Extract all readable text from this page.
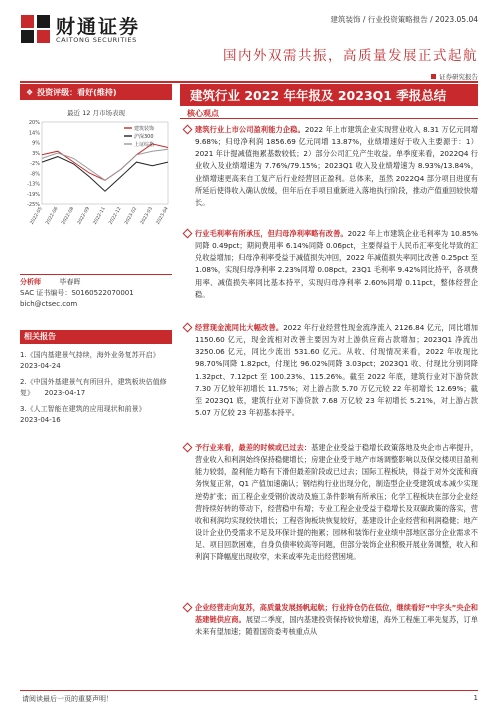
财通证券
CAITONG SECURITIES
建筑装饰 / 行业投资策略报告 / 2023.05.04
国内外双需共振，高质量发展正式起航
证券研究报告
❖ 投资评级：看好(维持)
最近 12 月市场表现
20%
14%
9%
3%
-2%
-8%
-13%
-19%
-25%
2022-05 2022-06 2022-08 2022-09 2022-11 2022-12 2023-02 2023-03 2023-04
建筑装饰
沪深300
上证综指
分析师	毕春晖
SAC 证书编号：S0160522070001
bich@ctsec.com
相关报告
1.《国内基建景气持续，海外业务复苏开启》  2023-04-24
2.《中国外基建景气有所回升，建筑板块估值修复》 2023-04-17
3.《人工智能在建筑的应用现状和前景》  2023-04-16
建筑行业 2022 年年报及 2023Q1 季报总结
核心观点
建筑行业上市公司盈利能力企稳。2022 年上市建筑企业实现营业收入 8.31 万亿元同增 9.68%；归母净利润 1856.69 亿元同增 13.87%，业绩增速好于收入主要源于：1）2021 年计提减值拖累基数较低；2）部分公司汇兑产生收益。单季度来看，2022Q4 行业收入及业绩增速为 7.76%/79.15%；2023Q1 收入及业绩增速为 8.93%/13.84%，业绩增速更高来自工复产后行业经营回正盈利。总体来，虽然 2022Q4 部分项目进度有所延后使得收入确认放缓，但年后在手项目重新进入落地执行阶段，推动产值重回较快增长。
行业毛利率有所承压，但归母净利率略有改善。2022 年上市建筑企业毛利率为 10.85%同降 0.49pct；期间费用率 6.14%同降 0.06pct，主要得益于人民币汇率变化导致的汇兑收益增加；归母净利率受益于减值损失冲回，2022 年减值损失率同比改善 0.25pct 至 1.08%，实现归母净利率 2.23%同增 0.08pct。23Q1 毛利率 9.42%同比持平，各项费用率、减值损失率同比基本持平，实现归母净利率 2.60%同增 0.11pct，整体经营企稳。
经营现金流同比大幅改善。2022 年行业经营性现金流净流入 2126.84 亿元，同比增加 1150.60 亿元，现金流相对改善主要因为对上游供应商占款增加；2023Q1 净流出 3250.06 亿元，同比少流出 531.60 亿元。从收、付现情况来看，2022 年收现比 98.70%同降 1.82pct，付现比 96.02%同降 3.03pct；2023Q1 收、付现比分别同降 1.32pct、7.12pct 至 100.23%、115.26%。截至 2022 年底，建筑行业对下游贷款 7.30 万亿较年初增长 11.75%；对上游占款 5.70 万亿元较 22 年初增长 12.69%；截至 2023Q1 底，建筑行业对下游贷款 7.68 万亿较 23 年初增长 5.21%，对上游占款 5.07 万亿较 23 年初基本持平。
予行业来看，最差的时候或已过去：基建企业受益于稳增长政策落地及央企市占率提升，营业收入和利润始终保持稳健增长；房建企业受于地产市场调整影响以及保交楼项目盈利能力较弱，盈利能力略有下滑但最差阶段或已过去；国际工程板块，得益于对外交流和商务恢复正常，Q1 产值加速确认；钢结构行业出现分化，制造型企业受建筑成本减少实现逆势扩张；而工程企业受钢价波动及施工条件影响有所承压；化学工程板块在部分企业经营持续好转的带动下，经营稳中有增；专业工程企业受益于稳增长及双碳政策的落实，营收和利润均实现较快增长；工程咨询板块恢复较好，基建设计企业经营和利润稳健；地产设计企业仍受需求不足及环保计提的拖累；园林和装饰行业业绩中部地区部分企业需求不足、项目回款困难，自身负债率较高等问题，但部分装饰企业积极开展业务调整，收入和利润下降幅度出现收窄，未来或率先走出经营困境。
企业经营走向复苏，高质量发展扬帆起航；行业持仓仍在低位，继续看好“中字头”央企和基建链供应商。展望二季度，国内基建投资保持较快增速，海外工程施工率先复苏，订单未来有望加速；随着国资委考核重点从
请阅读最后一页的重要声明！	1
